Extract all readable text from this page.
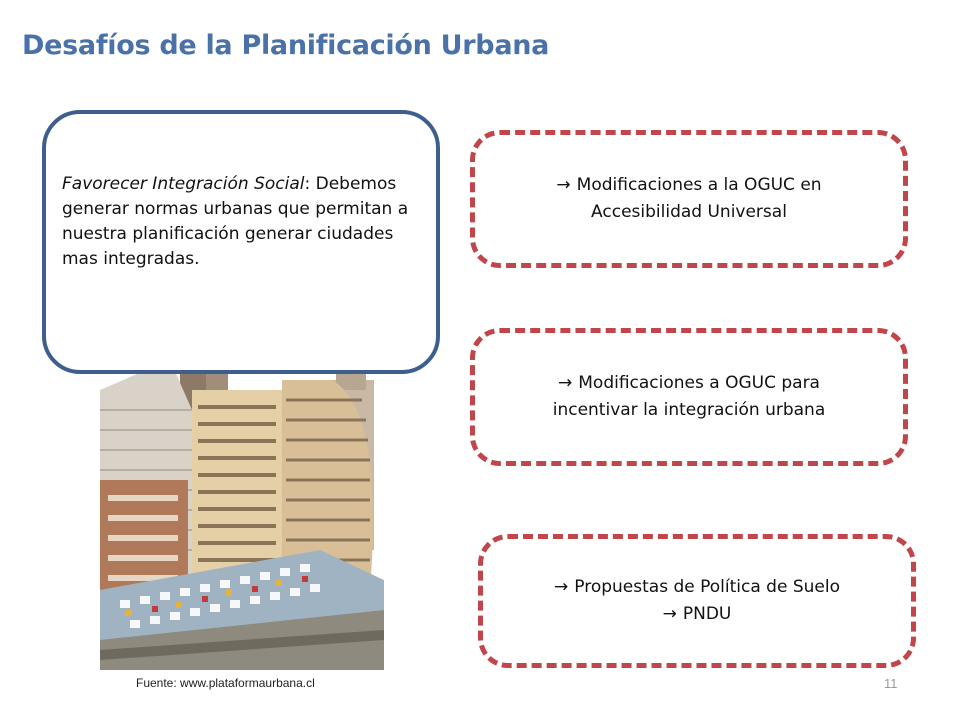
Desafíos de la Planificación Urbana
Favorecer Integración Social: Debemos generar normas urbanas que permitan a nuestra planificación generar ciudades mas integradas.
→ Modificaciones a la OGUC en
Accesibilidad Universal
→ Modificaciones a OGUC para
incentivar la integración urbana
→ Propuestas de Política de Suelo
→ PNDU
Fuente: www.plataformaurbana.cl	11
